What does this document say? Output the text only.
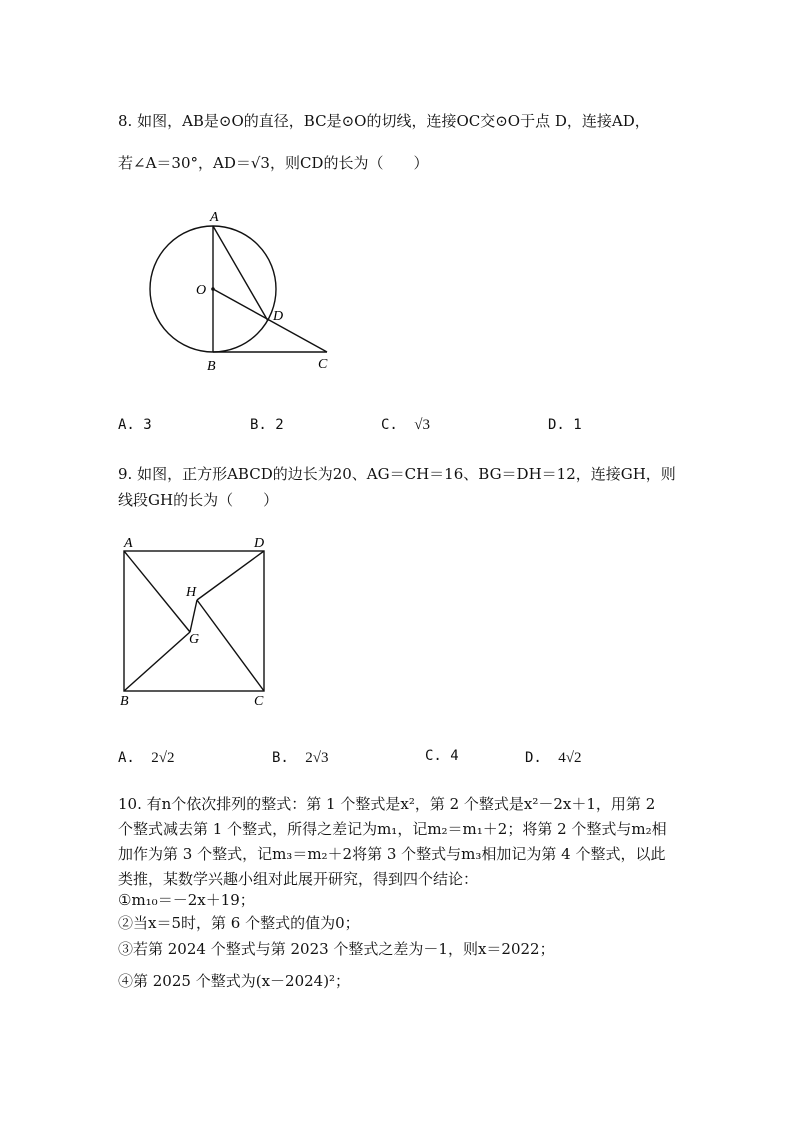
8. 如图，AB是⊙O的直径，BC是⊙O的切线，连接OC交⊙O于点 D，连接AD，
若∠A＝30°，AD＝√3，则CD的长为（　　）
A
O
D
B	C
A. 3	B. 2	C. √3	D. 1
9. 如图，正方形ABCD的边长为20、AG＝CH＝16、BG＝DH＝12，连接GH，则
线段GH的长为（　　）
A	D
H
G
B	C
A. 2√2	B. 2√3	C. 4	D. 4√2
10. 有n个依次排列的整式：第 1 个整式是x²，第 2 个整式是x²－2x＋1，用第 2
个整式减去第 1 个整式，所得之差记为m₁，记m₂＝m₁＋2；将第 2 个整式与m₂相
加作为第 3 个整式，记m₃＝m₂＋2将第 3 个整式与m₃相加记为第 4 个整式，以此
类推，某数学兴趣小组对此展开研究，得到四个结论：
①m₁₀＝－2x＋19；
②当x＝5时，第 6 个整式的值为0；
③若第 2024 个整式与第 2023 个整式之差为－1，则x＝2022；
④第 2025 个整式为(x－2024)²；
